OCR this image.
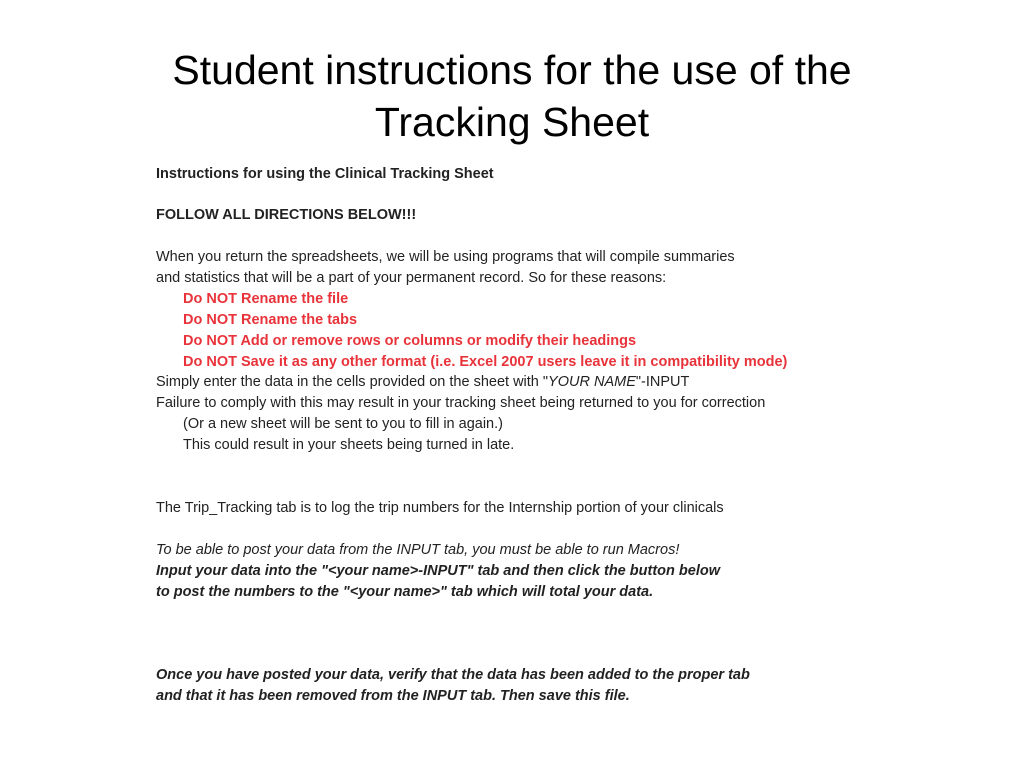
Student instructions for the use of the
Tracking Sheet
Instructions for using the Clinical Tracking Sheet
FOLLOW ALL DIRECTIONS BELOW!!!
When you return the spreadsheets, we will be using programs that will compile summaries
and statistics that will be a part of your permanent record. So for these reasons:
Do NOT Rename the file
Do NOT Rename the tabs
Do NOT Add or remove rows or columns or modify their headings
Do NOT Save it as any other format (i.e. Excel 2007 users leave it in compatibility mode)
Simply enter the data in the cells provided on the sheet with "YOUR NAME"-INPUT
Failure to comply with this may result in your tracking sheet being returned to you for correction
(Or a new sheet will be sent to you to fill in again.)
This could result in your sheets being turned in late.
The Trip_Tracking tab is to log the trip numbers for the Internship portion of your clinicals
To be able to post your data from the INPUT tab, you must be able to run Macros!
Input your data into the "<your name>-INPUT" tab and then click the button below
to post the numbers to the "<your name>" tab which will total your data.
Once you have posted your data, verify that the data has been added to the proper tab
and that it has been removed from the INPUT tab. Then save this file.
